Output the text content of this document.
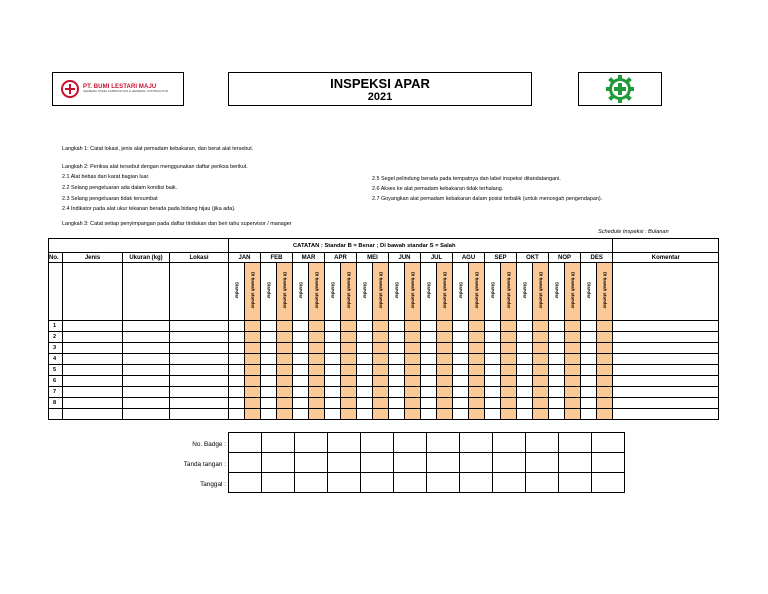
PT. BUMI LESTARI MAJU
GENERAL STEEL FABRICATION & GENERAL CONTRACTOR
INSPEKSI APAR
2021
Langkah 1: Catat lokasi, jenis alat pemadam kebakaran, dan berat alat tersebut.
Langkah 2: Periksa alat tersebut dengan menggunakan daftar periksa berikut.
2.1 Alat bebas dari karat bagian luar.
2.2 Selang pengeluaran ada dalam kondisi baik.
2.3 Selang pengeluaran tidak tersumbat
2.4 Indikator pada alat ukur tekanan berada pada bidang hijau (jika ada).
2.5 Segel pelindung berada pada tempatnya dan label inspeksi ditandatangani.
2.6 Akses ke alat pemadam kebakaran tidak terhalang.
2.7 Goyangkan alat pemadam kebakaran dalam posisi terbalik (untuk mencegah pengendapan).
Langkah 3: Catat setiap penyimpangan pada daftar tindakan dan beri tahu supervisor / manager
Schedule Inspeksi : Bulanan
				CATATAN : Standar B = Benar ; Di bawah standar S = Salah																								
No.	Jenis	Ukuran (kg)	Lokasi	JAN		FEB		MAR		APR		MEI		JUN		JUL		AGU		SEP		OKT		NOP		DES		Komentar
				Standar	Di bawah standar	Standar	Di bawah standar	Standar	Di bawah standar	Standar	Di bawah standar	Standar	Di bawah standar	Standar	Di bawah standar	Standar	Di bawah standar	Standar	Di bawah standar	Standar	Di bawah standar	Standar	Di bawah standar	Standar	Di bawah standar	Standar	Di bawah standar	
1																												
2																												
3																												
4																												
5																												
6																												
7																												
8																												

No. Badge :
Tanda tangan :
Tanggal :
